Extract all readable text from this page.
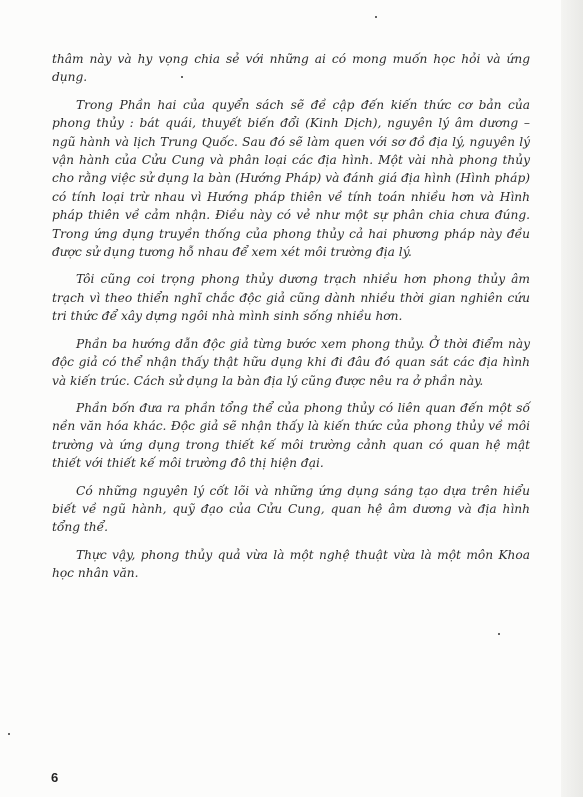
thâm này và hy vọng chia sẻ với những ai có mong muốn học hỏi và ứng dụng.

Trong Phần hai của quyển sách sẽ đề cập đến kiến thức cơ bản của phong thủy : bát quái, thuyết biến đổi (Kinh Dịch), nguyên lý âm dương – ngũ hành và lịch Trung Quốc. Sau đó sẽ làm quen với sơ đồ địa lý, nguyên lý vận hành của Cửu Cung và phân loại các địa hình. Một vài nhà phong thủy cho rằng việc sử dụng la bàn (Hướng Pháp) và đánh giá địa hình (Hình pháp) có tính loại trừ nhau vì Hướng pháp thiên về tính toán nhiều hơn và Hình pháp thiên về cảm nhận. Điều này có vẻ như một sự phân chia chưa đúng. Trong ứng dụng truyền thống của phong thủy cả hai phương pháp này đều được sử dụng tương hỗ nhau để xem xét môi trường địa lý.

Tôi cũng coi trọng phong thủy dương trạch nhiều hơn phong thủy âm trạch vì theo thiển nghĩ chắc độc giả cũng dành nhiều thời gian nghiên cứu tri thức để xây dựng ngôi nhà mình sinh sống nhiều hơn.

Phần ba hướng dẫn độc giả từng bước xem phong thủy. Ở thời điểm này độc giả có thể nhận thấy thật hữu dụng khi đi đâu đó quan sát các địa hình và kiến trúc. Cách sử dụng la bàn địa lý cũng được nêu ra ở phần này.

Phần bốn đưa ra phần tổng thể của phong thủy có liên quan đến một số nền văn hóa khác. Độc giả sẽ nhận thấy là kiến thức của phong thủy về môi trường và ứng dụng trong thiết kế môi trường cảnh quan có quan hệ mật thiết với thiết kế môi trường đô thị hiện đại.

Có những nguyên lý cốt lõi và những ứng dụng sáng tạo dựa trên hiểu biết về ngũ hành, quỹ đạo của Cửu Cung, quan hệ âm dương và địa hình tổng thể.

Thực vậy, phong thủy quả vừa là một nghệ thuật vừa là một môn Khoa học nhân văn.

6
